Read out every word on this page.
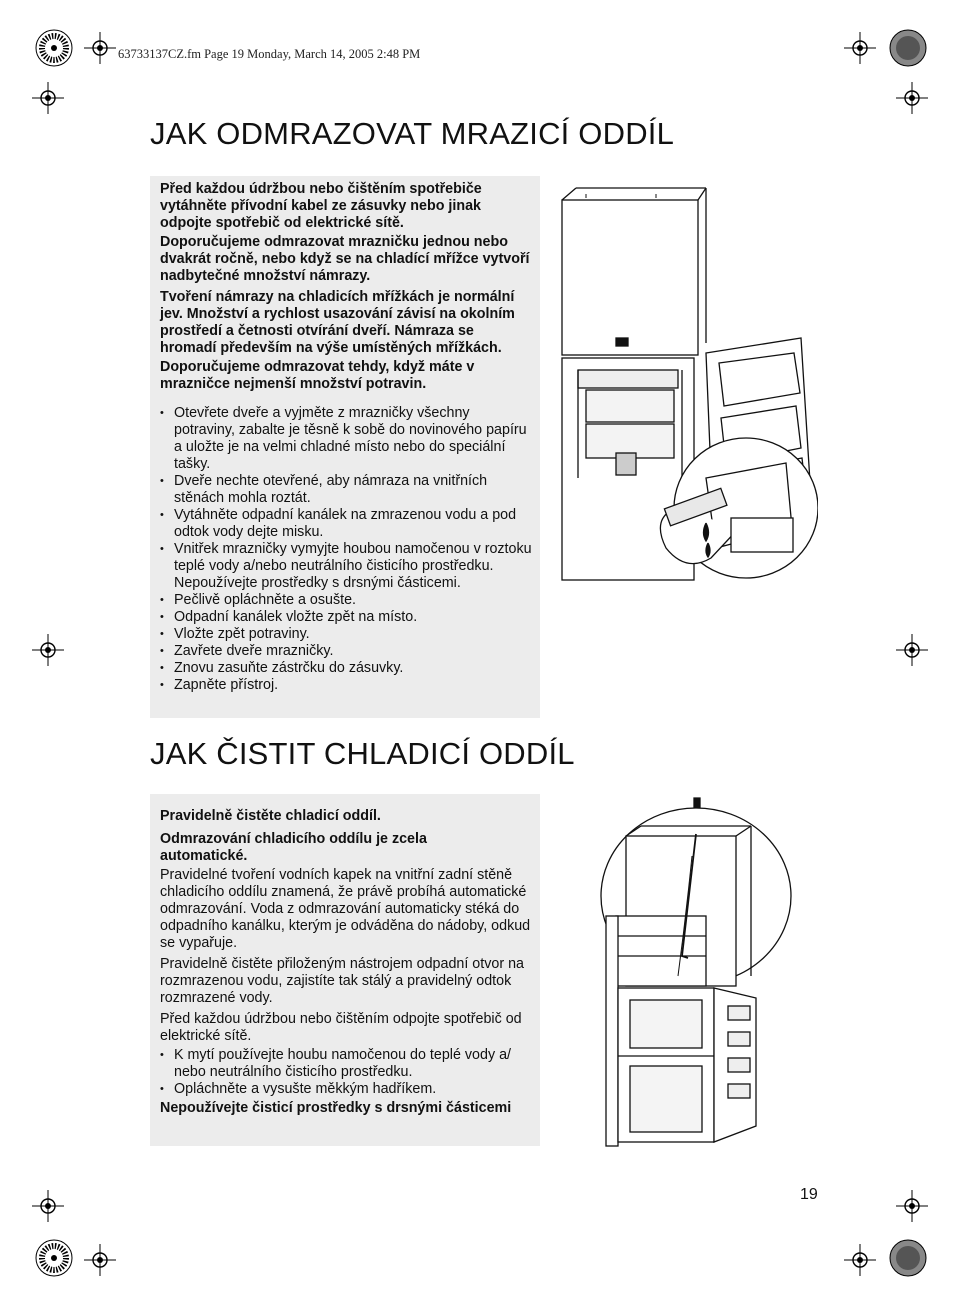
63733137CZ.fm Page 19 Monday, March 14, 2005 2:48 PM
JAK ODMRAZOVAT MRAZICÍ ODDÍL

Před každou údržbou nebo čištěním spotřebiče vytáhněte přívodní kabel ze zásuvky nebo jinak odpojte spotřebič od elektrické sítě.

Doporučujeme odmrazovat mrazničku jednou nebo dvakrát ročně, nebo když se na chladící mřížce vytvoří nadbytečné množství námrazy.

Tvoření námrazy na chladicích mřížkách je normální jev. Množství a rychlost usazování závisí na okolním prostředí a četnosti otvírání dveří. Námraza se hromadí především na výše umístěných mřížkách.

Doporučujeme odmrazovat tehdy, když máte v mrazničce nejmenší množství potravin.

• Otevřete dveře a vyjměte z mrazničky všechny potraviny, zabalte je těsně k sobě do novinového papíru a uložte je na velmi chladné místo nebo do speciální tašky.
• Dveře nechte otevřené, aby námraza na vnitřních stěnách mohla roztát.
• Vytáhněte odpadní kanálek na zmrazenou vodu a pod odtok vody dejte misku.
• Vnitřek mrazničky vymyjte houbou namočenou v roztoku teplé vody a/nebo neutrálního čisticího prostředku. Nepoužívejte prostředky s drsnými částicemi.
• Pečlivě opláchněte a osušte.
• Odpadní kanálek vložte zpět na místo.
• Vložte zpět potraviny.
• Zavřete dveře mrazničky.
• Znovu zasuňte zástrčku do zásuvky.
• Zapněte přístroj.
JAK ČISTIT CHLADICÍ ODDÍL

Pravidelně čistěte chladicí oddíl.

Odmrazování chladicího oddílu je zcela automatické.

Pravidelné tvoření vodních kapek na vnitřní zadní stěně chladicího oddílu znamená, že právě probíhá automatické odmrazování. Voda z odmrazování automaticky stéká do odpadního kanálku, kterým je odváděna do nádoby, odkud se vypařuje.

Pravidelně čistěte přiloženým nástrojem odpadní otvor na rozmrazenou vodu, zajistíte tak stálý a pravidelný odtok rozmrazené vody.

Před každou údržbou nebo čištěním odpojte spotřebič od elektrické sítě.

• K mytí používejte houbu namočenou do teplé vody a/ nebo neutrálního čisticího prostředku.
• Opláchněte a vysušte měkkým hadříkem.

Nepoužívejte čisticí prostředky s drsnými částicemi

19
